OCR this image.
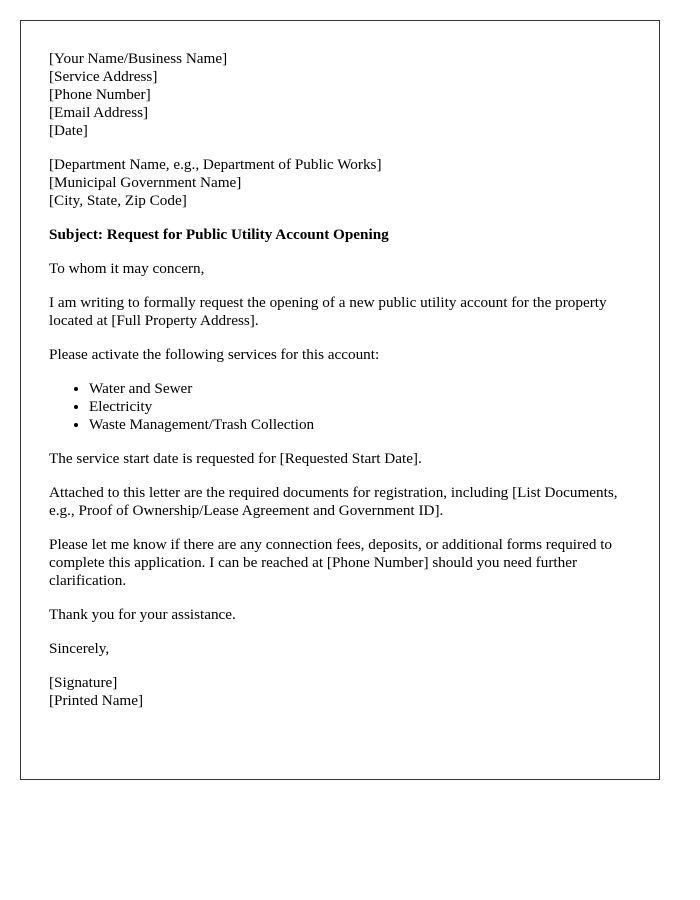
[Your Name/Business Name]
[Service Address]
[Phone Number]
[Email Address]
[Date]
[Department Name, e.g., Department of Public Works]
[Municipal Government Name]
[City, State, Zip Code]

Subject: Request for Public Utility Account Opening

To whom it may concern,

I am writing to formally request the opening of a new public utility account for the property located at [Full Property Address].

Please activate the following services for this account:

• Water and Sewer
• Electricity
• Waste Management/Trash Collection

The service start date is requested for [Requested Start Date].

Attached to this letter are the required documents for registration, including [List Documents, e.g., Proof of Ownership/Lease Agreement and Government ID].

Please let me know if there are any connection fees, deposits, or additional forms required to complete this application. I can be reached at [Phone Number] should you need further clarification.

Thank you for your assistance.

Sincerely,

[Signature]
[Printed Name]
